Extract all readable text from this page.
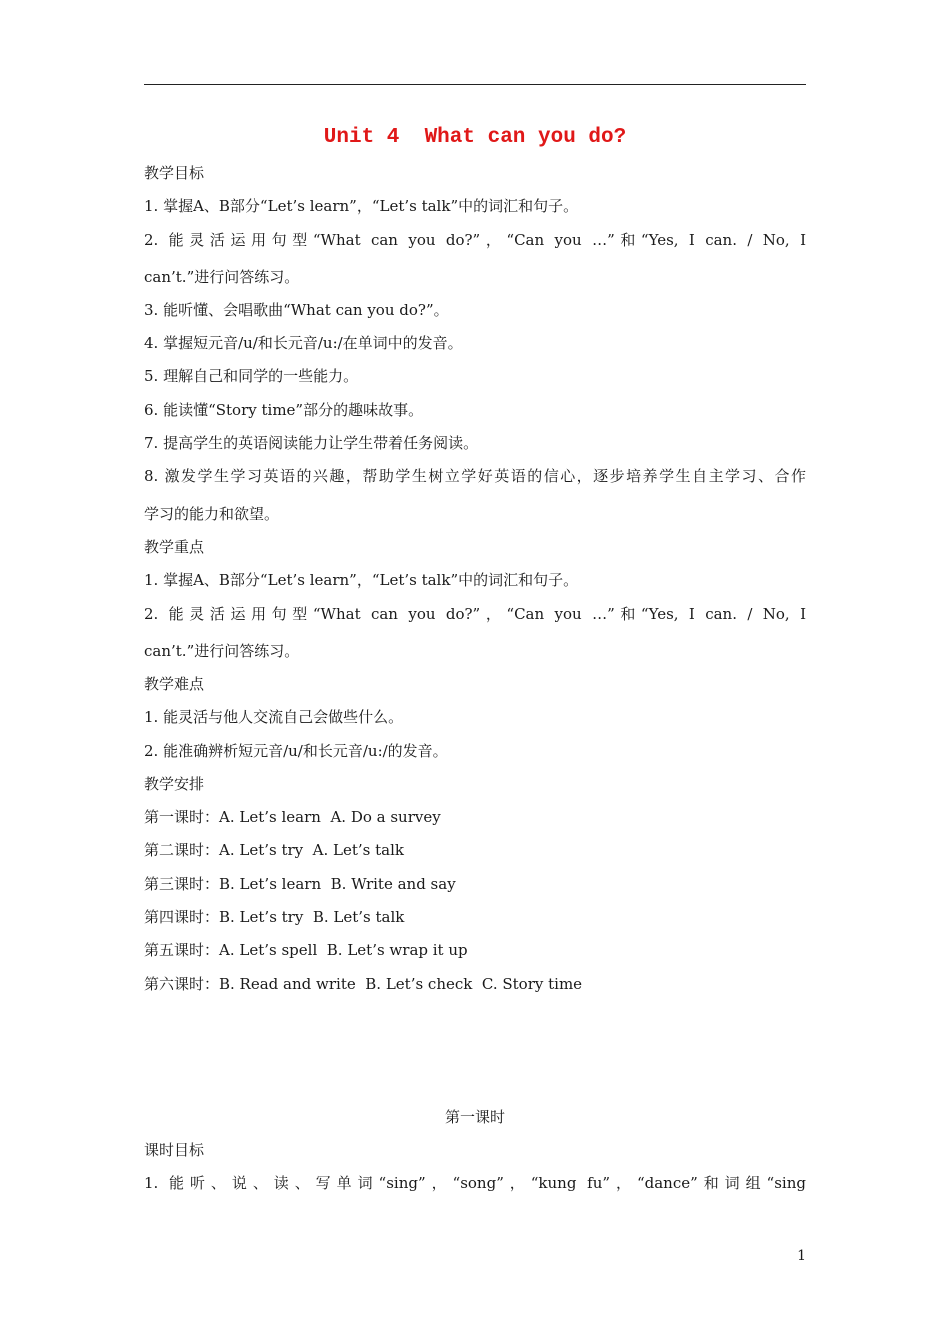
Unit 4  What can you do?
教学目标
1. 掌握A、B部分“Let’s learn”，“Let’s talk”中的词汇和句子。
2. 能灵活运用句型“What can you do?”，“Can you …”和“Yes, I can. / No, I
can’t.”进行问答练习。
3. 能听懂、会唱歌曲“What can you do?”。
4. 掌握短元音/u/和长元音/u:/在单词中的发音。
5. 理解自己和同学的一些能力。
6. 能读懂“Story time”部分的趣味故事。
7. 提高学生的英语阅读能力让学生带着任务阅读。
8. 激发学生学习英语的兴趣，帮助学生树立学好英语的信心，逐步培养学生自主学习、合作
学习的能力和欲望。
教学重点
1. 掌握A、B部分“Let’s learn”，“Let’s talk”中的词汇和句子。
2. 能灵活运用句型“What can you do?”，“Can you …”和“Yes, I can. / No, I
can’t.”进行问答练习。
教学难点
1. 能灵活与他人交流自己会做些什么。
2. 能准确辨析短元音/u/和长元音/u:/的发音。
教学安排
第一课时：A. Let’s learn  A. Do a survey
第二课时：A. Let’s try  A. Let’s talk
第三课时：B. Let’s learn  B. Write and say
第四课时：B. Let’s try  B. Let’s talk
第五课时：A. Let’s spell  B. Let’s wrap it up
第六课时：B. Read and write  B. Let’s check  C. Story time
第一课时
课时目标
1. 能听、说、读、写单词“sing”，“song”，“kung fu”，“dance”和词组“sing
1
